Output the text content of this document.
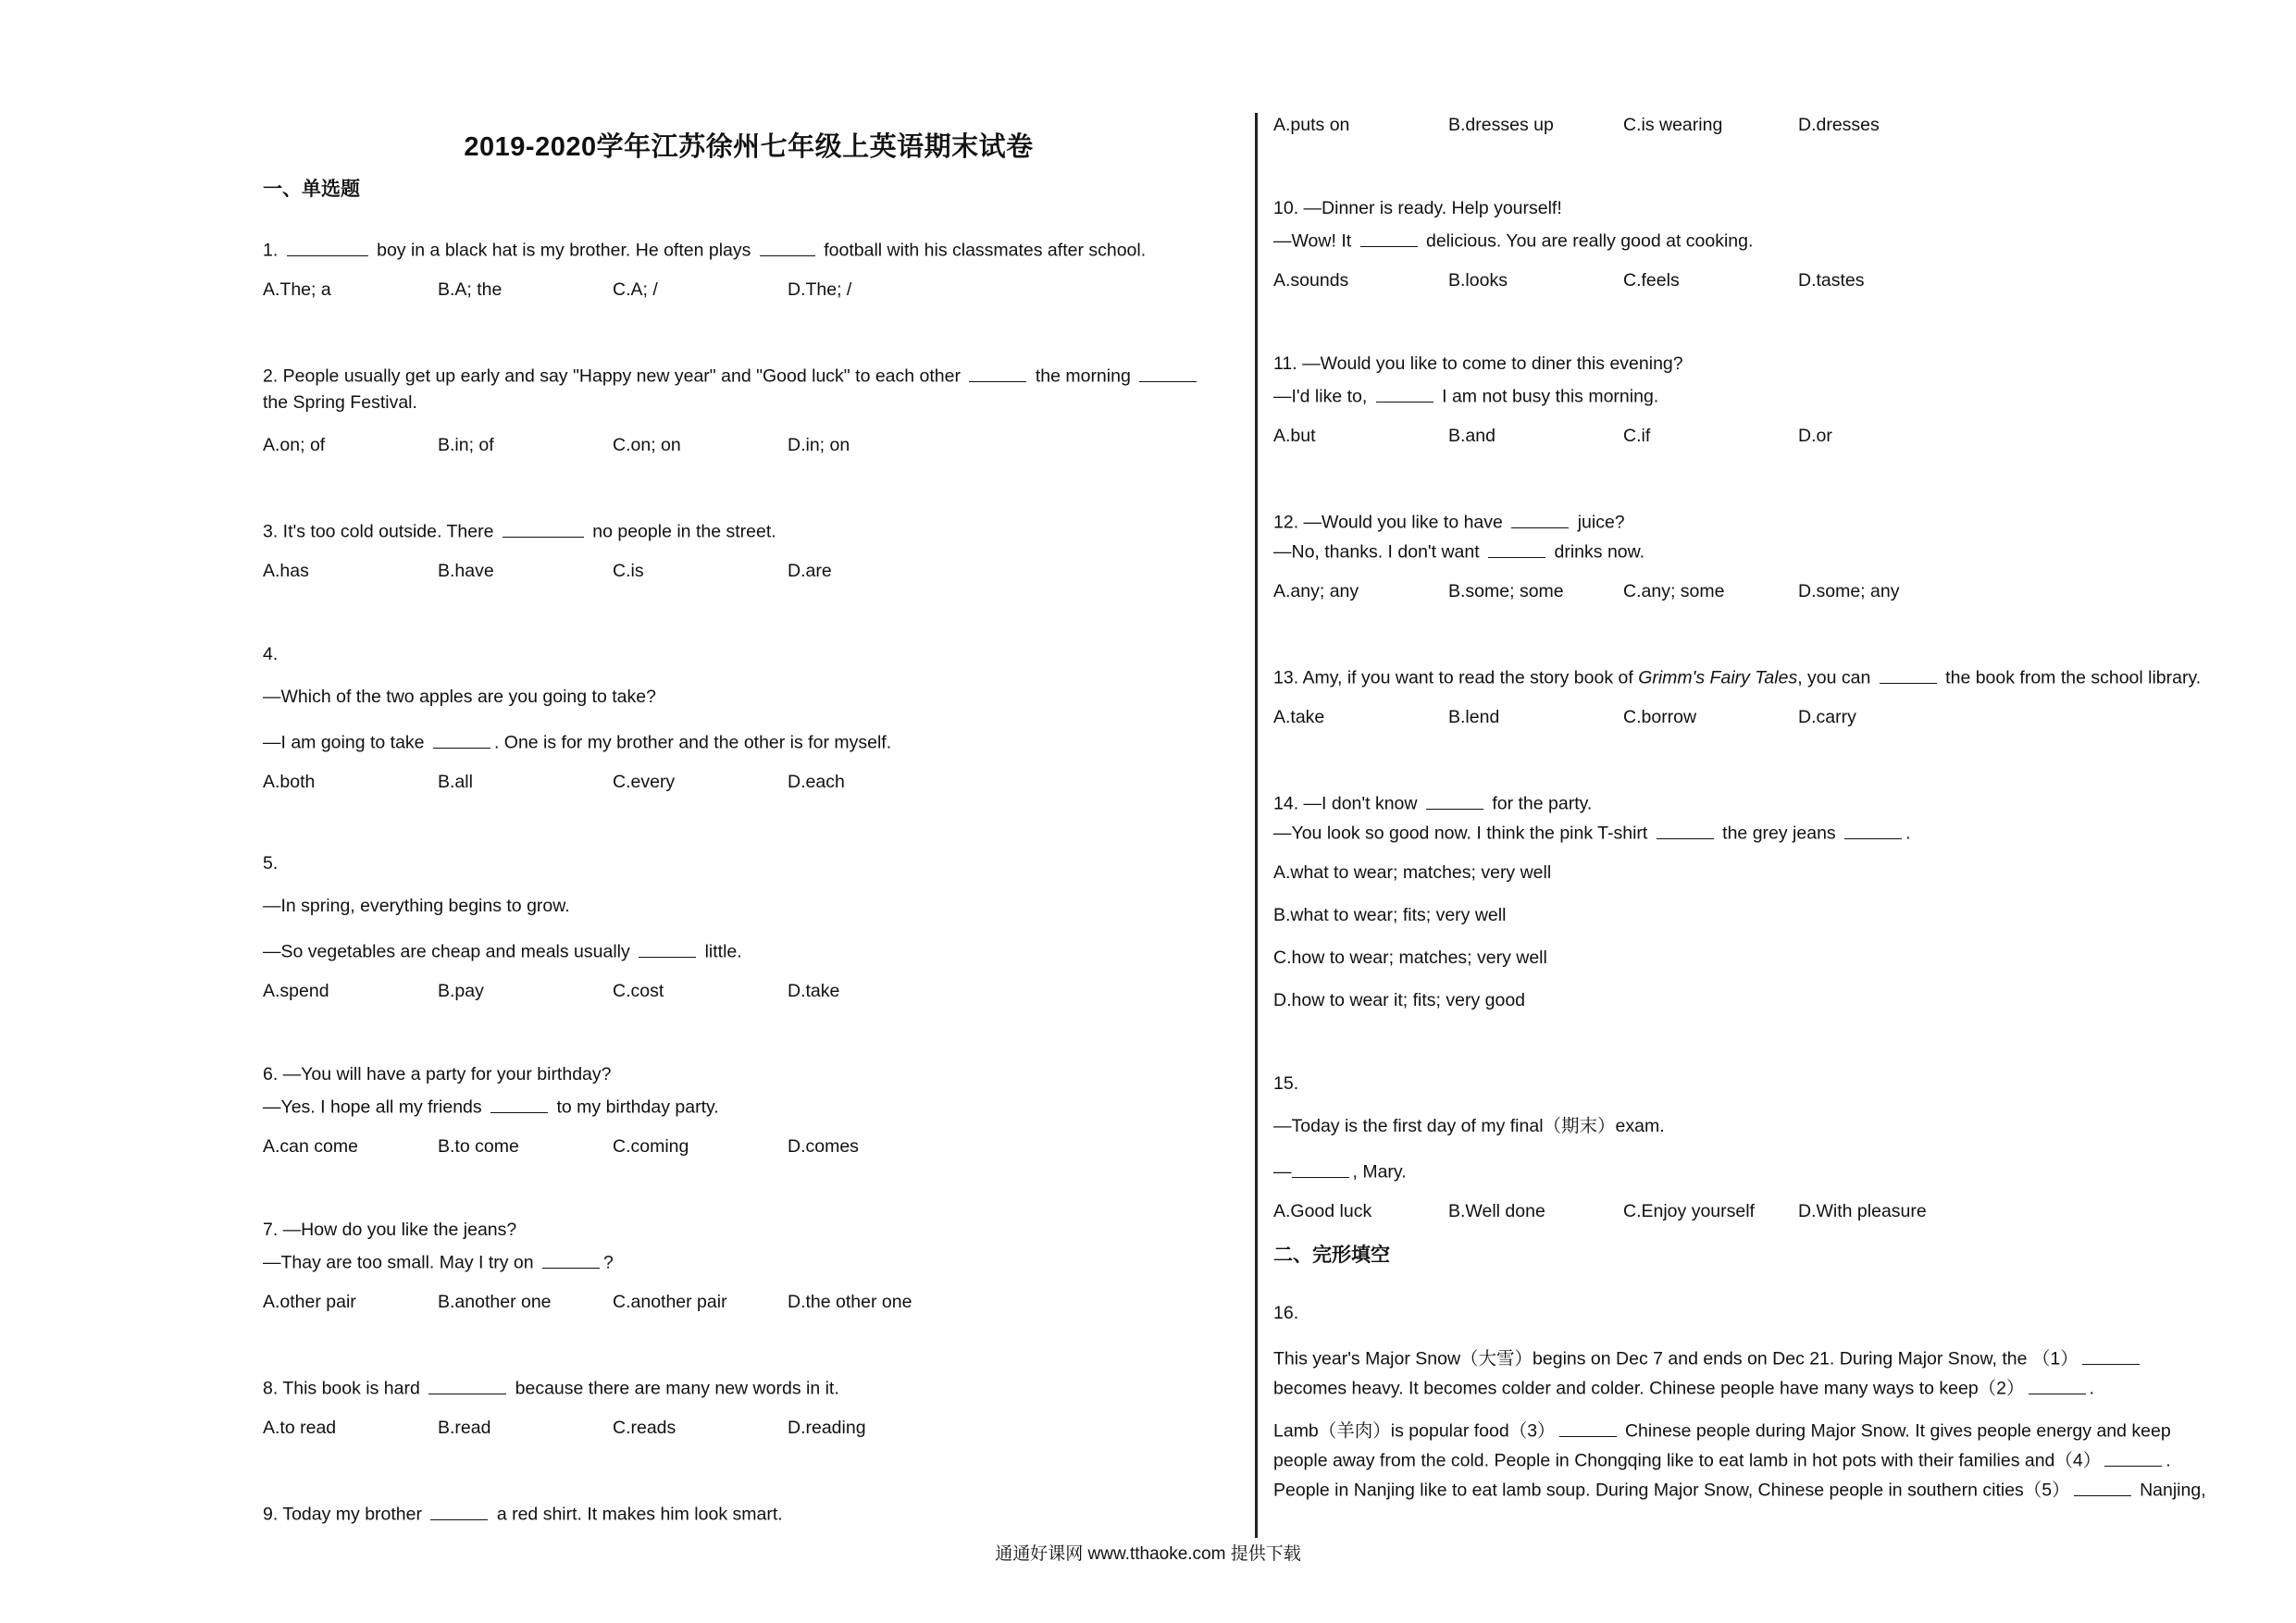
2019-2020学年江苏徐州七年级上英语期末试卷
一、单选题
1.	boy in a black hat is my brother. He often plays	football with his classmates after school.
A.The; a	B.A; the	C.A; /	D.The; /
2. People usually get up early and say "Happy new year" and "Good luck" to each other	the morning
the Spring Festival.
A.on; of	B.in; of	C.on; on	D.in; on
3. It's too cold outside. There	no people in the street.
A.has	B.have	C.is	D.are
4.
—Which of the two apples are you going to take?
—I am going to take	. One is for my brother and the other is for myself.
A.both	B.all	C.every	D.each
5.
—In spring, everything begins to grow.
—So vegetables are cheap and meals usually	little.
A.spend	B.pay	C.cost	D.take
6. —You will have a party for your birthday?
—Yes. I hope all my friends	to my birthday party.
A.can come	B.to come	C.coming	D.comes
7. —How do you like the jeans?
—Thay are too small. May I try on	?
A.other pair	B.another one	C.another pair	D.the other one
8. This book is hard	because there are many new words in it.
A.to read	B.read	C.reads	D.reading
9. Today my brother	a red shirt. It makes him look smart.
A.puts on	B.dresses up	C.is wearing	D.dresses
10. —Dinner is ready. Help yourself!
—Wow! It	delicious. You are really good at cooking.
A.sounds	B.looks	C.feels	D.tastes
11. —Would you like to come to diner this evening?
—I'd like to,	I am not busy this morning.
A.but	B.and	C.if	D.or
12. —Would you like to have	juice?
—No, thanks. I don't want	drinks now.
A.any; any	B.some; some	C.any; some	D.some; any
13. Amy, if you want to read the story book of Grimm's Fairy Tales, you can	the book from the school library.
A.take	B.lend	C.borrow	D.carry
14. —I don't know	for the party.
—You look so good now. I think the pink T-shirt	the grey jeans	.
A.what to wear; matches; very well
B.what to wear; fits; very well
C.how to wear; matches; very well
D.how to wear it; fits; very good
15.
—Today is the first day of my final（期末）exam.
—	, Mary.
A.Good luck	B.Well done	C.Enjoy yourself D.With pleasure
二、完形填空
16.
This year's Major Snow（大雪）begins on Dec 7 and ends on Dec 21. During Major Snow, the （1）
becomes heavy. It becomes colder and colder. Chinese people have many ways to keep（2）	.
Lamb（羊肉）is popular food（3）	Chinese people during Major Snow. It gives people energy and keep
people away from the cold. People in Chongqing like to eat lamb in hot pots with their families and（4）	.
People in Nanjing like to eat lamb soup. During Major Snow, Chinese people in southern cities（5）	Nanjing,
通通好课网 www.tthaoke.com 提供下载
